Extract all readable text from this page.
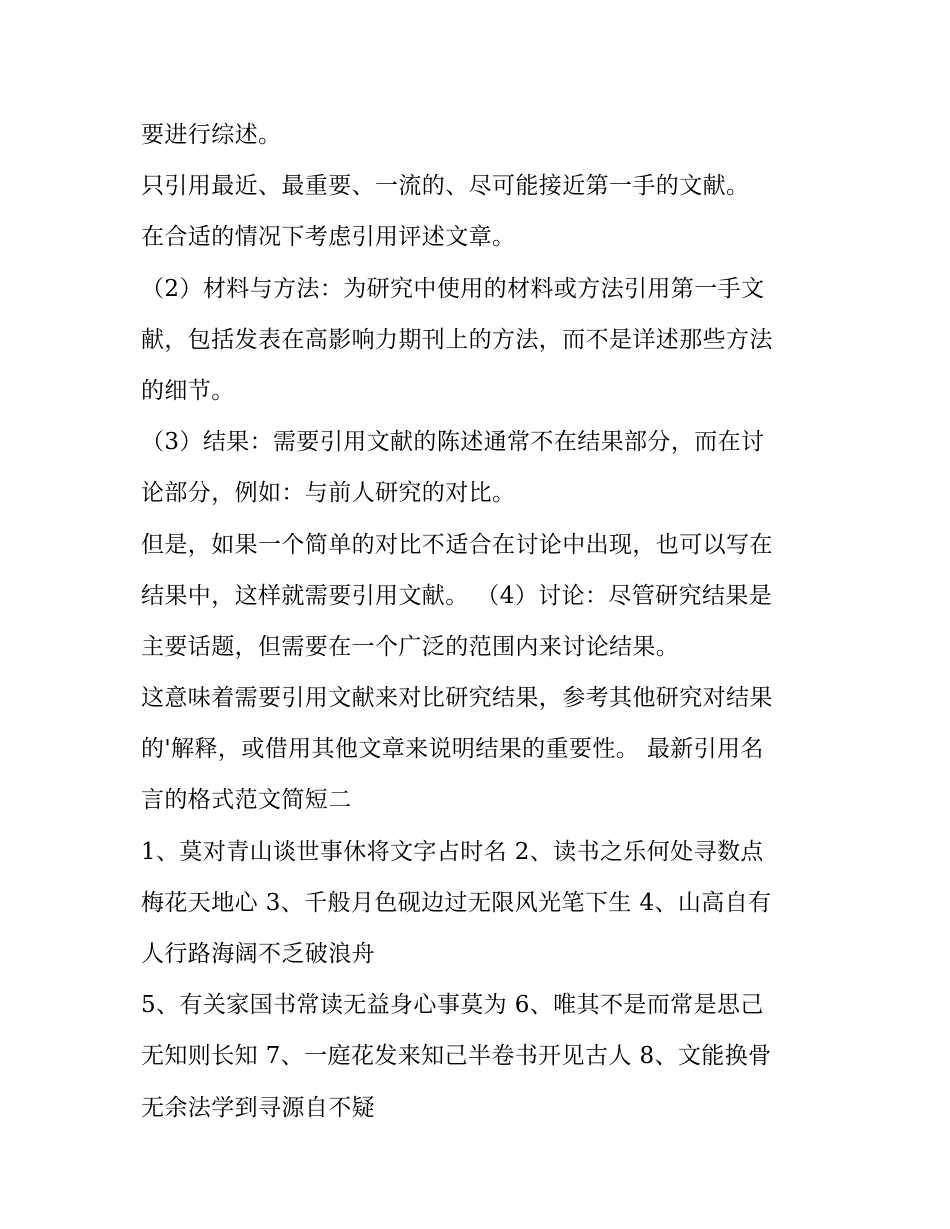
要进行综述。
只引用最近、最重要、一流的、尽可能接近第一手的文献。
在合适的情况下考虑引用评述文章。
（2）材料与方法：为研究中使用的材料或方法引用第一手文
献，包括发表在高影响力期刊上的方法，而不是详述那些方法
的细节。
（3）结果：需要引用文献的陈述通常不在结果部分，而在讨
论部分，例如：与前人研究的对比。
但是，如果一个简单的对比不适合在讨论中出现，也可以写在
结果中，这样就需要引用文献。 （4）讨论：尽管研究结果是
主要话题，但需要在一个广泛的范围内来讨论结果。
这意味着需要引用文献来对比研究结果，参考其他研究对结果
的'解释，或借用其他文章来说明结果的重要性。 最新引用名
言的格式范文简短二
1、莫对青山谈世事休将文字占时名 2、读书之乐何处寻数点
梅花天地心 3、千般月色砚边过无限风光笔下生 4、山高自有
人行路海阔不乏破浪舟
5、有关家国书常读无益身心事莫为 6、唯其不是而常是思己
无知则长知 7、一庭花发来知己半卷书开见古人 8、文能换骨
无余法学到寻源自不疑
